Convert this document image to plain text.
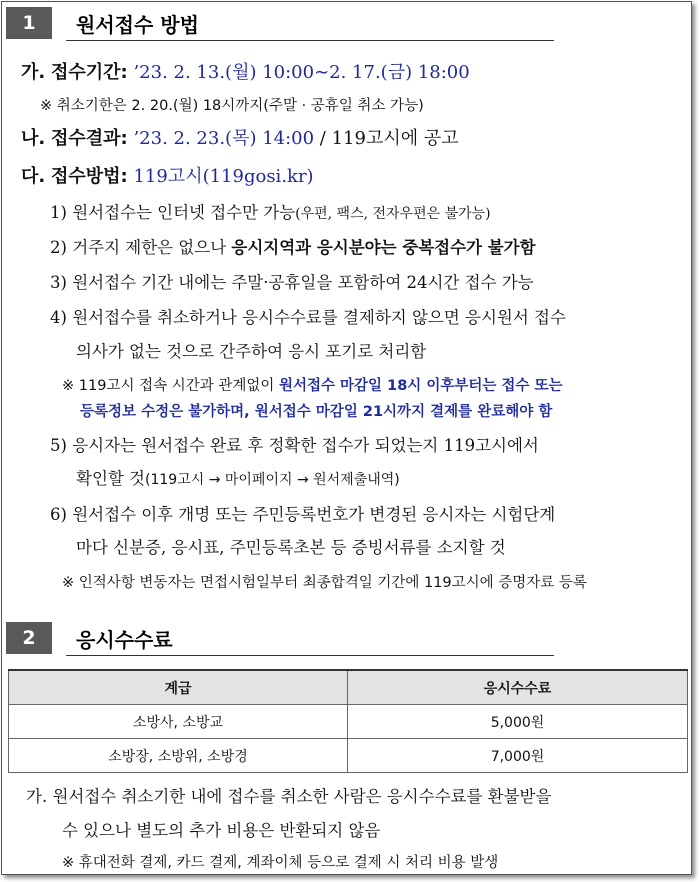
1	원서접수 방법
가. 접수기간: ’23. 2. 13.(월) 10:00∼2. 17.(금) 18:00
※ 취소기한은 2. 20.(월) 18시까지(주말 · 공휴일 취소 가능)
나. 접수결과: ’23. 2. 23.(목) 14:00 / 119고시에 공고
다. 접수방법: 119고시(119gosi.kr)
1) 원서접수는 인터넷 접수만 가능(우편, 팩스, 전자우편은 불가능)
2) 거주지 제한은 없으나 응시지역과 응시분야는 중복접수가 불가함
3) 원서접수 기간 내에는 주말·공휴일을 포함하여 24시간 접수 가능
4) 원서접수를 취소하거나 응시수수료를 결제하지 않으면 응시원서 접수
의사가 없는 것으로 간주하여 응시 포기로 처리함
※ 119고시 접속 시간과 관계없이 원서접수 마감일 18시 이후부터는 접수 또는
등록정보 수정은 불가하며, 원서접수 마감일 21시까지 결제를 완료해야 함
5) 응시자는 원서접수 완료 후 정확한 접수가 되었는지 119고시에서
확인할 것(119고시 → 마이페이지 → 원서제출내역)
6) 원서접수 이후 개명 또는 주민등록번호가 변경된 응시자는 시험단계
마다 신분증, 응시표, 주민등록초본 등 증빙서류를 소지할 것
※ 인적사항 변동자는 면접시험일부터 최종합격일 기간에 119고시에 증명자료 등록
2	응시수수료
계급	응시수수료
소방사, 소방교	5,000원
소방장, 소방위, 소방경	7,000원
가. 원서접수 취소기한 내에 접수를 취소한 사람은 응시수수료를 환불받을
수 있으나 별도의 추가 비용은 반환되지 않음
※ 휴대전화 결제, 카드 결제, 계좌이체 등으로 결제 시 처리 비용 발생
